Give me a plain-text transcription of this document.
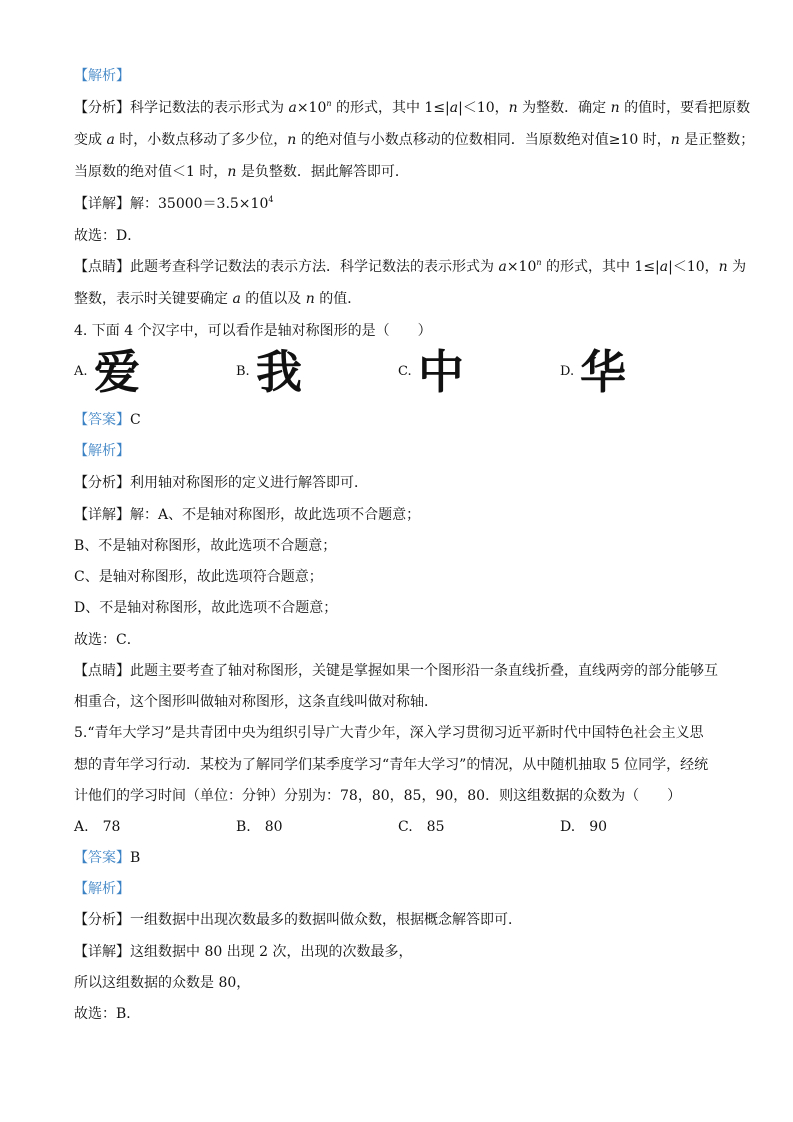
【解析】
【分析】科学记数法的表示形式为 $a\times 10^n$ 的形式，其中 1≤|a|＜10，n 为整数．确定 n 的值时，要看把原数
变成 a 时，小数点移动了多少位，n 的绝对值与小数点移动的位数相同．当原数绝对值≥10 时，n 是正整数；
当原数的绝对值＜1 时，n 是负整数．据此解答即可．
【详解】解：$35000=3.5\times 10^4$
故选：D．
【点睛】此题考查科学记数法的表示方法．科学记数法的表示形式为 $a\times 10^n$ 的形式，其中 1≤|a|＜10，n 为
整数，表示时关键要确定 a 的值以及 n 的值．
4. 下面 4 个汉字中，可以看作是轴对称图形的是（　　）
A. 爱	B. 我	C. 中	D. 华
【答案】C
【解析】
【分析】利用轴对称图形的定义进行解答即可．
【详解】解：A、不是轴对称图形，故此选项不合题意；
B、不是轴对称图形，故此选项不合题意；
C、是轴对称图形，故此选项符合题意；
D、不是轴对称图形，故此选项不合题意；
故选：C．
【点睛】此题主要考查了轴对称图形，关键是掌握如果一个图形沿一条直线折叠，直线两旁的部分能够互
相重合，这个图形叫做轴对称图形，这条直线叫做对称轴．
5.“青年大学习”是共青团中央为组织引导广大青少年，深入学习贯彻习近平新时代中国特色社会主义思
想的青年学习行动．某校为了解同学们某季度学习“青年大学习”的情况，从中随机抽取 5 位同学，经统
计他们的学习时间（单位：分钟）分别为：78，80，85，90，80．则这组数据的众数为（　　）
A.  78	B.  80	C.  85	D.  90
【答案】B
【解析】
【分析】一组数据中出现次数最多的数据叫做众数，根据概念解答即可．
【详解】这组数据中 80 出现 2 次，出现的次数最多，
所以这组数据的众数是 80，
故选：B．
